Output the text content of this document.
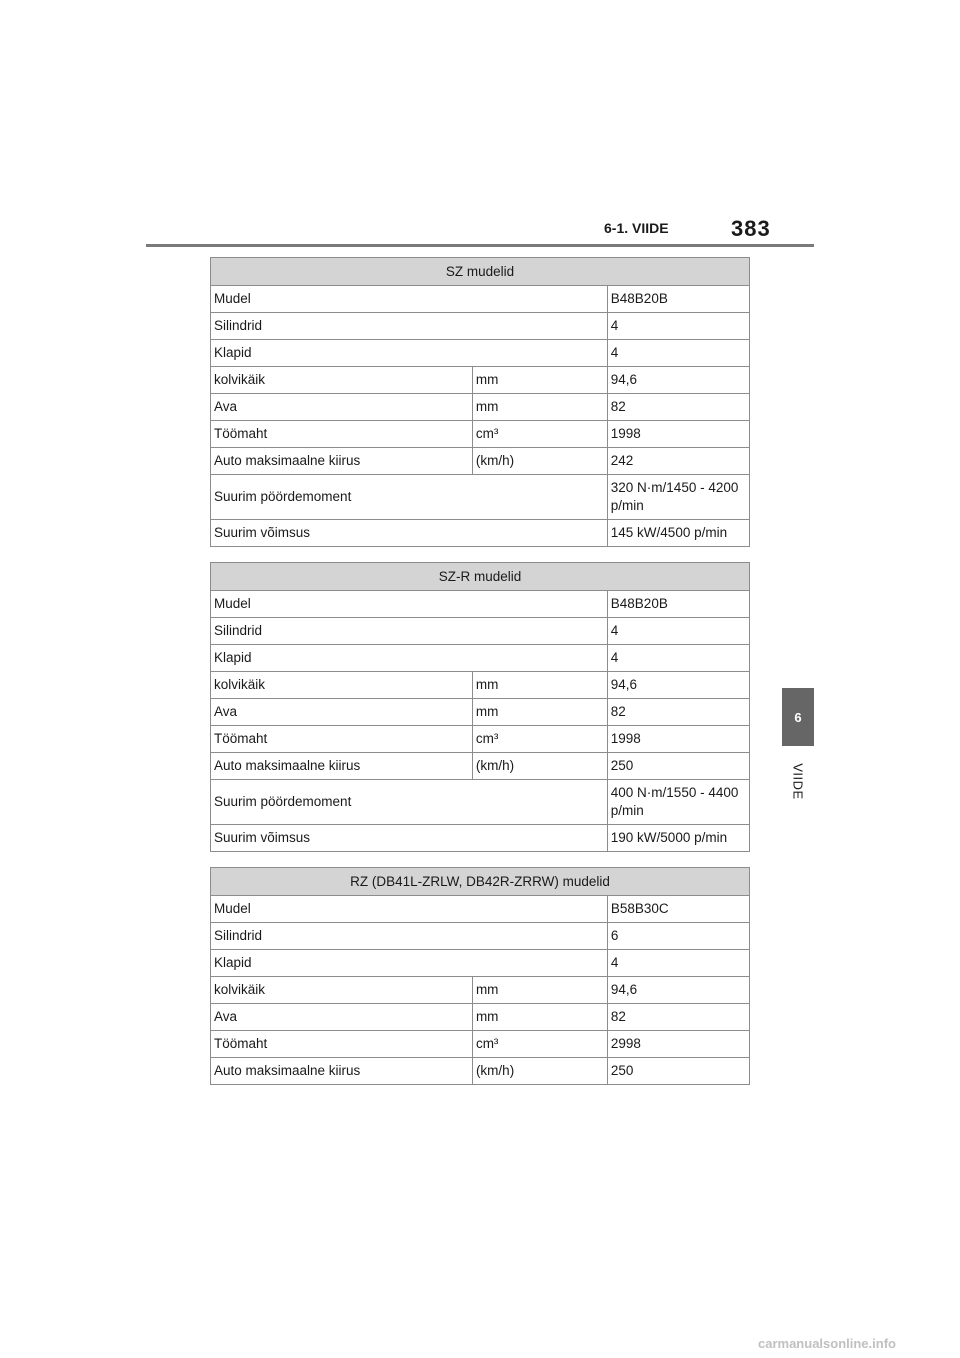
6-1. VIIDE	383
6
VIIDE
SZ mudelid		
Mudel		B48B20B
Silindrid		4
Klapid		4
kolvikäik	mm	94,6
Ava	mm	82
Töömaht	cm³	1998
Auto maksimaalne kiirus	(km/h)	242
Suurim pöördemoment		320 N·m/1450 - 4200 p/min
Suurim võimsus		145 kW/4500 p/min
SZ-R mudelid		
Mudel		B48B20B
Silindrid		4
Klapid		4
kolvikäik	mm	94,6
Ava	mm	82
Töömaht	cm³	1998
Auto maksimaalne kiirus	(km/h)	250
Suurim pöördemoment		400 N·m/1550 - 4400 p/min
Suurim võimsus		190 kW/5000 p/min
RZ (DB41L-ZRLW, DB42R-ZRRW) mudelid		
Mudel		B58B30C
Silindrid		6
Klapid		4
kolvikäik	mm	94,6
Ava	mm	82
Töömaht	cm³	2998
Auto maksimaalne kiirus	(km/h)	250
carmanualsonline.info
